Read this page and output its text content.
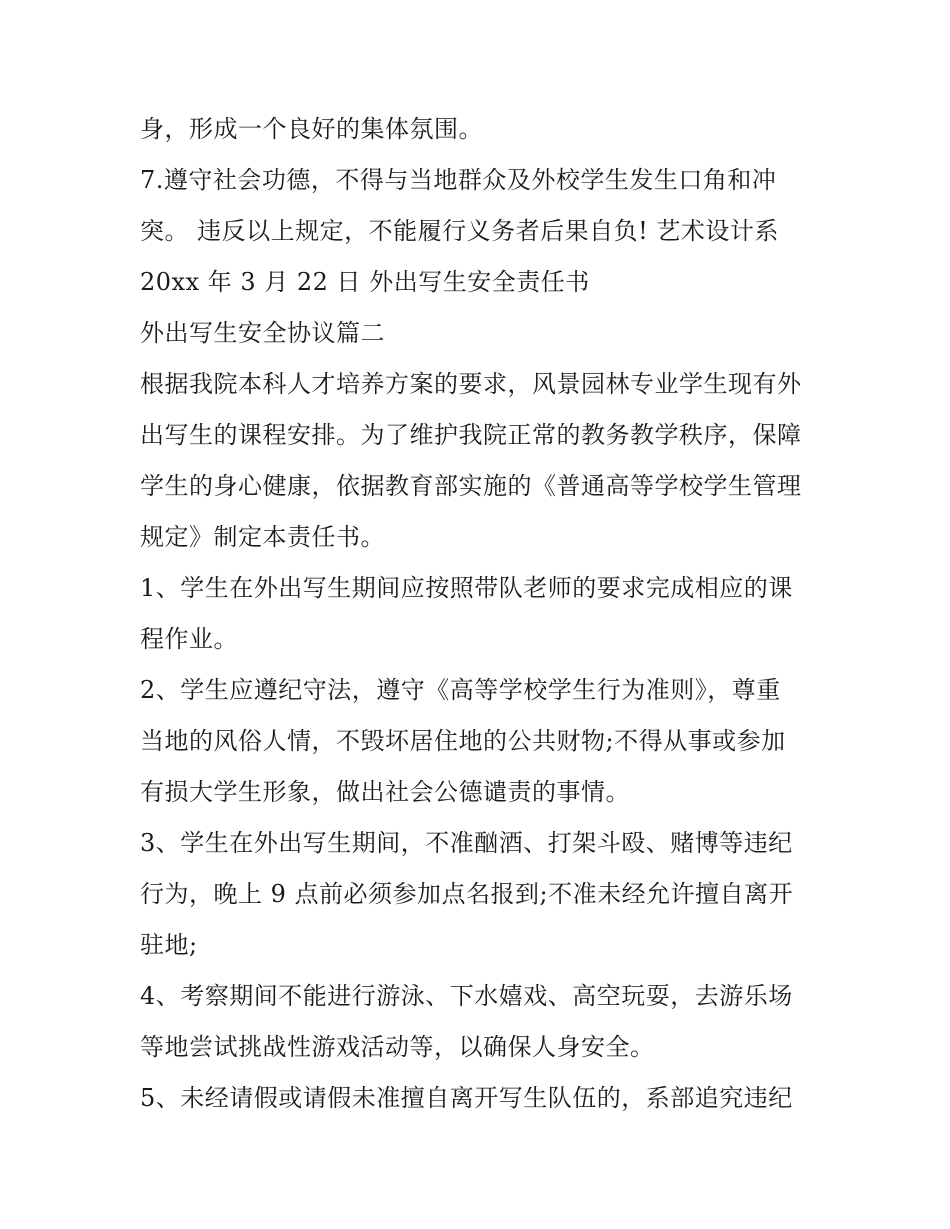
身，形成一个良好的集体氛围。
7.遵守社会功德，不得与当地群众及外校学生发生口角和冲
突。 违反以上规定，不能履行义务者后果自负! 艺术设计系
20xx 年 3 月 22 日 外出写生安全责任书
外出写生安全协议篇二
根据我院本科人才培养方案的要求，风景园林专业学生现有外
出写生的课程安排。为了维护我院正常的教务教学秩序，保障
学生的身心健康，依据教育部实施的《普通高等学校学生管理
规定》制定本责任书。
1、学生在外出写生期间应按照带队老师的要求完成相应的课
程作业。
2、学生应遵纪守法，遵守《高等学校学生行为准则》，尊重
当地的风俗人情，不毁坏居住地的公共财物;不得从事或参加
有损大学生形象，做出社会公德谴责的事情。
3、学生在外出写生期间，不准酗酒、打架斗殴、赌博等违纪
行为，晚上 9 点前必须参加点名报到;不准未经允许擅自离开
驻地;
4、考察期间不能进行游泳、下水嬉戏、高空玩耍，去游乐场
等地尝试挑战性游戏活动等，以确保人身安全。
5、未经请假或请假未准擅自离开写生队伍的，系部追究违纪
